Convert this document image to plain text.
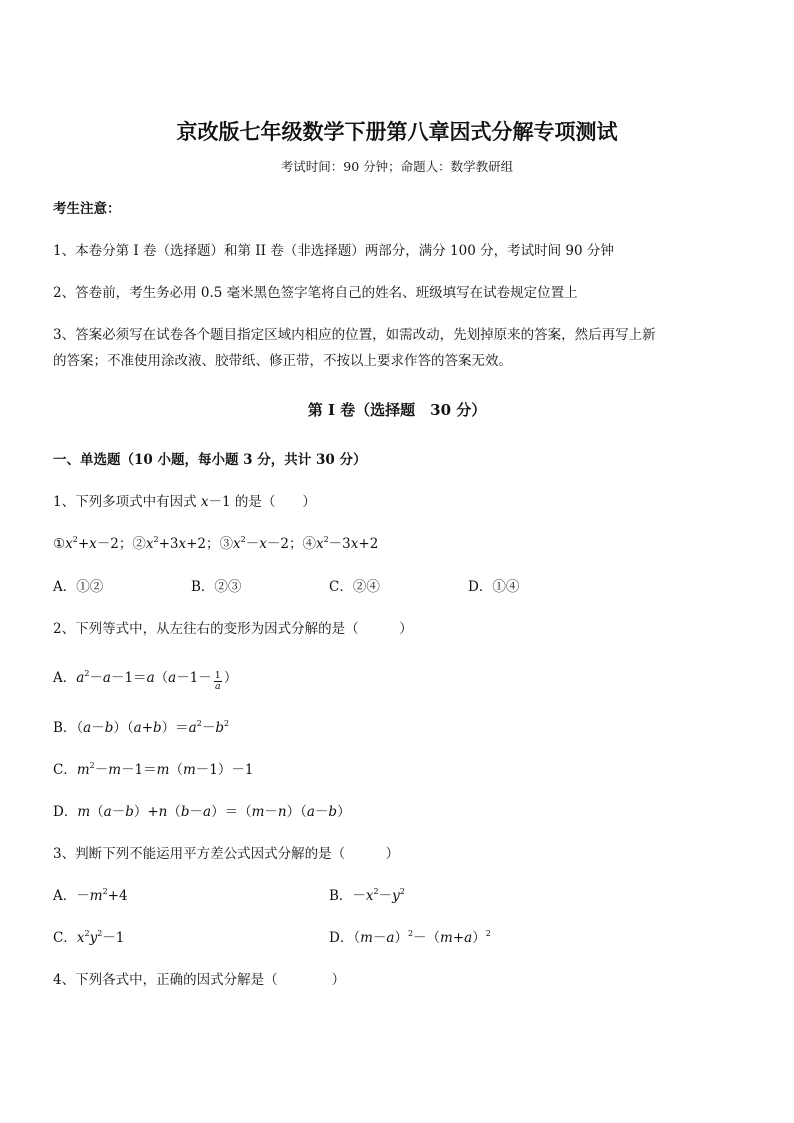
京改版七年级数学下册第八章因式分解专项测试
考试时间：90 分钟；命题人：数学教研组
考生注意：
1、本卷分第 I 卷（选择题）和第 II 卷（非选择题）两部分，满分 100 分，考试时间 90 分钟
2、答卷前，考生务必用 0.5 毫米黑色签字笔将自己的姓名、班级填写在试卷规定位置上
3、答案必须写在试卷各个题目指定区域内相应的位置，如需改动，先划掉原来的答案，然后再写上新
的答案；不准使用涂改液、胶带纸、修正带，不按以上要求作答的答案无效。
第 I 卷（选择题　30 分）
一、单选题（10 小题，每小题 3 分，共计 30 分）
1、下列多项式中有因式 x－1 的是（　　）
$①x^2+x-2$；$②x^2+3x+2$；$③x^2-x-2$；$④x^2-3x+2$
A．①②	B．②③	C．②④	D．①④
2、下列等式中，从左往右的变形为因式分解的是（　　　）
A．$a^2-a-1=a(a-1- \frac{1}{a}$ ）
B．$(a-b)(a+b)=a^2-b^2$
C．$m^2-m-1=m(m-1)-1$
D．m（a－b）+n（b－a）＝（m－n）（a－b）
3、判断下列不能运用平方差公式因式分解的是（　　　）
A．$-m^2+4$	B．$-x^2-y^2$
C．$x^2y^2-1$	D．$(m-a)^2-(m+a)^2$
4、下列各式中，正确的因式分解是（　　　　）
